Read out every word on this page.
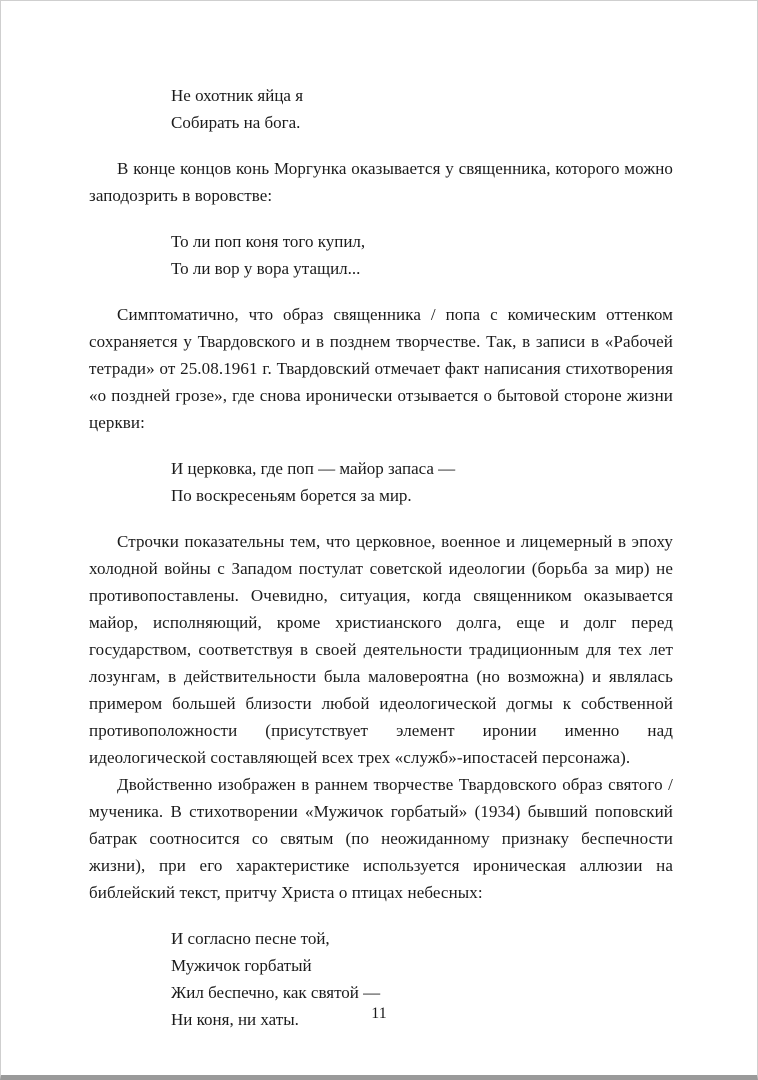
Не охотник яйца я
Собирать на бога.

В конце концов конь Моргунка оказывается у священника, которого можно заподозрить в воровстве:

То ли поп коня того купил,
То ли вор у вора утащил...

Симптоматично, что образ священника / попа с комическим оттенком сохраняется у Твардовского и в позднем творчестве. Так, в записи в «Рабочей тетради» от 25.08.1961 г. Твардовский отмечает факт написания стихотворения «о поздней грозе», где снова иронически отзывается о бытовой стороне жизни церкви:

И церковка, где поп — майор запаса —
По воскресеньям борется за мир.

Строчки показательны тем, что церковное, военное и лицемерный в эпоху холодной войны с Западом постулат советской идеологии (борьба за мир) не противопоставлены. Очевидно, ситуация, когда священником оказывается майор, исполняющий, кроме христианского долга, еще и долг перед государством, соответствуя в своей деятельности традиционным для тех лет лозунгам, в действительности была маловероятна (но возможна) и являлась примером большей близости любой идеологической догмы к собственной противоположности (присутствует элемент иронии именно над идеологической составляющей всех трех «служб»-ипостасей персонажа).

Двойственно изображен в раннем творчестве Твардовского образ святого / мученика. В стихотворении «Мужичок горбатый» (1934) бывший поповский батрак соотносится со святым (по неожиданному признаку беспечности жизни), при его характеристике используется ироническая аллюзии на библейский текст, притчу Христа о птицах небесных:

И согласно песне той,
Мужичок горбатый
Жил беспечно, как святой —
Ни коня, ни хаты.	11
